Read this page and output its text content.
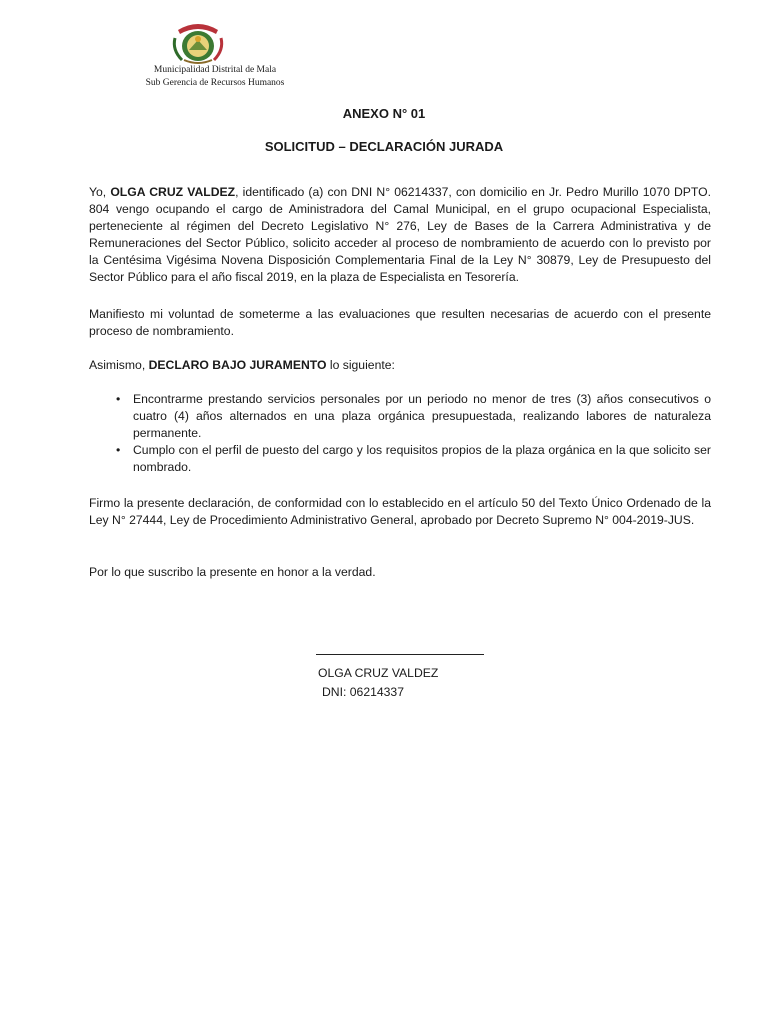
Municipalidad Distrital de Mala
Sub Gerencia de Recursos Humanos
ANEXO N° 01
SOLICITUD – DECLARACIÓN JURADA

Yo, OLGA CRUZ VALDEZ, identificado (a) con DNI N° 06214337, con domicilio en Jr. Pedro Murillo 1070 DPTO. 804 vengo ocupando el cargo de Aministradora del Camal Municipal, en el grupo ocupacional Especialista, perteneciente al régimen del Decreto Legislativo N° 276, Ley de Bases de la Carrera Administrativa y de Remuneraciones del Sector Público, solicito acceder al proceso de nombramiento de acuerdo con lo previsto por la Centésima Vigésima Novena Disposición Complementaria Final de la Ley N° 30879, Ley de Presupuesto del Sector Público para el año fiscal 2019, en la plaza de Especialista en Tesorería.

Manifiesto mi voluntad de someterme a las evaluaciones que resulten necesarias de acuerdo con el presente proceso de nombramiento.

Asimismo, DECLARO BAJO JURAMENTO lo siguiente:

• Encontrarme prestando servicios personales por un periodo no menor de tres (3) años consecutivos o cuatro (4) años alternados en una plaza orgánica presupuestada, realizando labores de naturaleza permanente.
• Cumplo con el perfil de puesto del cargo y los requisitos propios de la plaza orgánica en la que solicito ser nombrado.

Firmo la presente declaración, de conformidad con lo establecido en el artículo 50 del Texto Único Ordenado de la Ley N° 27444, Ley de Procedimiento Administrativo General, aprobado por Decreto Supremo N° 004-2019-JUS.

Por lo que suscribo la presente en honor a la verdad.

OLGA CRUZ VALDEZ
DNI: 06214337
